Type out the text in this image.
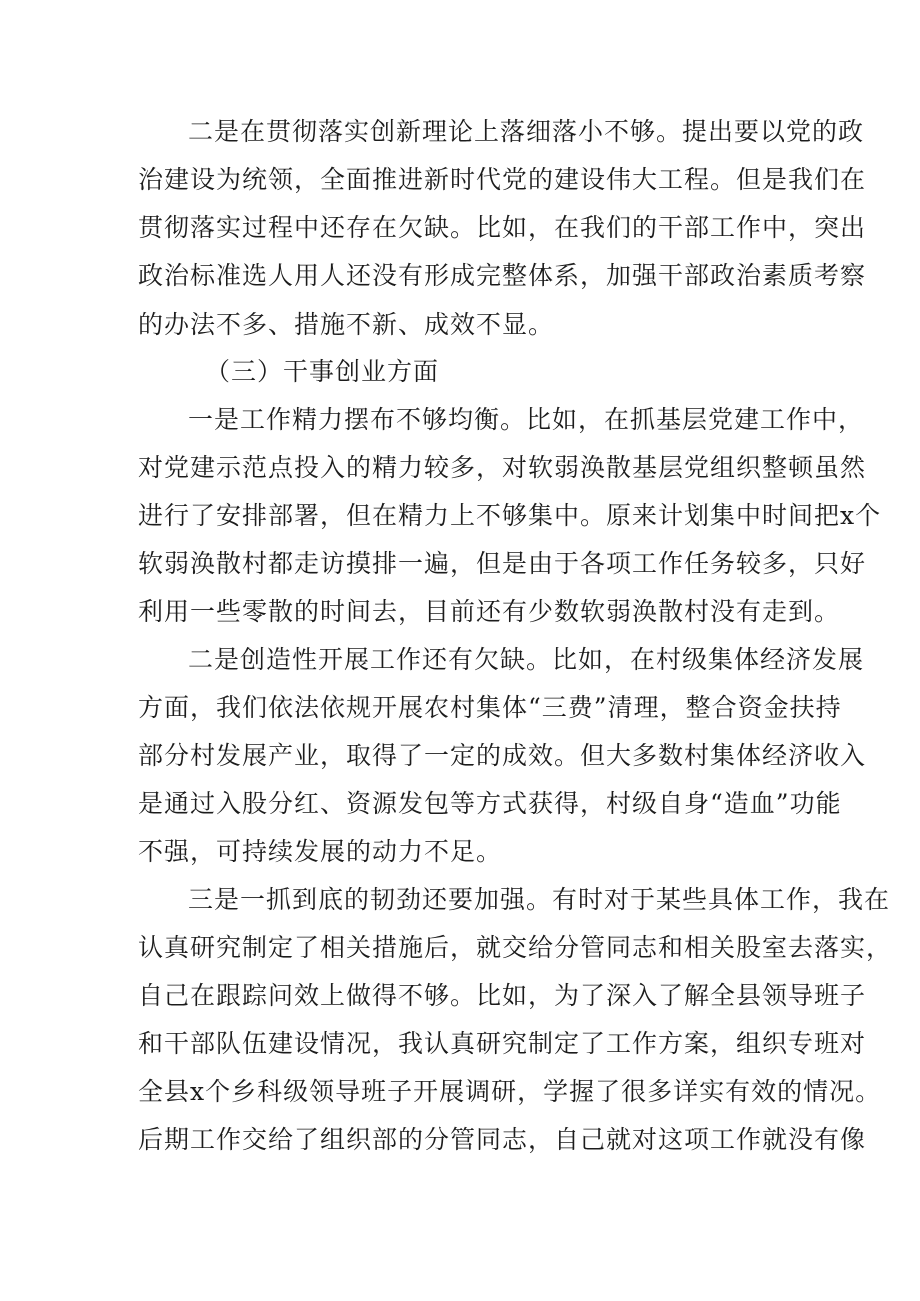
二是在贯彻落实创新理论上落细落小不够。提出要以党的政

治建设为统领，全面推进新时代党的建设伟大工程。但是我们在

贯彻落实过程中还存在欠缺。比如，在我们的干部工作中，突出

政治标准选人用人还没有形成完整体系，加强干部政治素质考察

的办法不多、措施不新、成效不显。

（三）干事创业方面

一是工作精力摆布不够均衡。比如，在抓基层党建工作中，

对党建示范点投入的精力较多，对软弱涣散基层党组织整顿虽然

进行了安排部署，但在精力上不够集中。原来计划集中时间把x个

软弱涣散村都走访摸排一遍，但是由于各项工作任务较多，只好

利用一些零散的时间去，目前还有少数软弱涣散村没有走到。

二是创造性开展工作还有欠缺。比如，在村级集体经济发展

方面，我们依法依规开展农村集体“三费”清理，整合资金扶持

部分村发展产业，取得了一定的成效。但大多数村集体经济收入

是通过入股分红、资源发包等方式获得，村级自身“造血”功能

不强，可持续发展的动力不足。

三是一抓到底的韧劲还要加强。有时对于某些具体工作，我在

认真研究制定了相关措施后，就交给分管同志和相关股室去落实，

自己在跟踪问效上做得不够。比如，为了深入了解全县领导班子

和干部队伍建设情况，我认真研究制定了工作方案，组织专班对

全县x个乡科级领导班子开展调研，学握了很多详实有效的情况。

后期工作交给了组织部的分管同志，自己就对这项工作就没有像
